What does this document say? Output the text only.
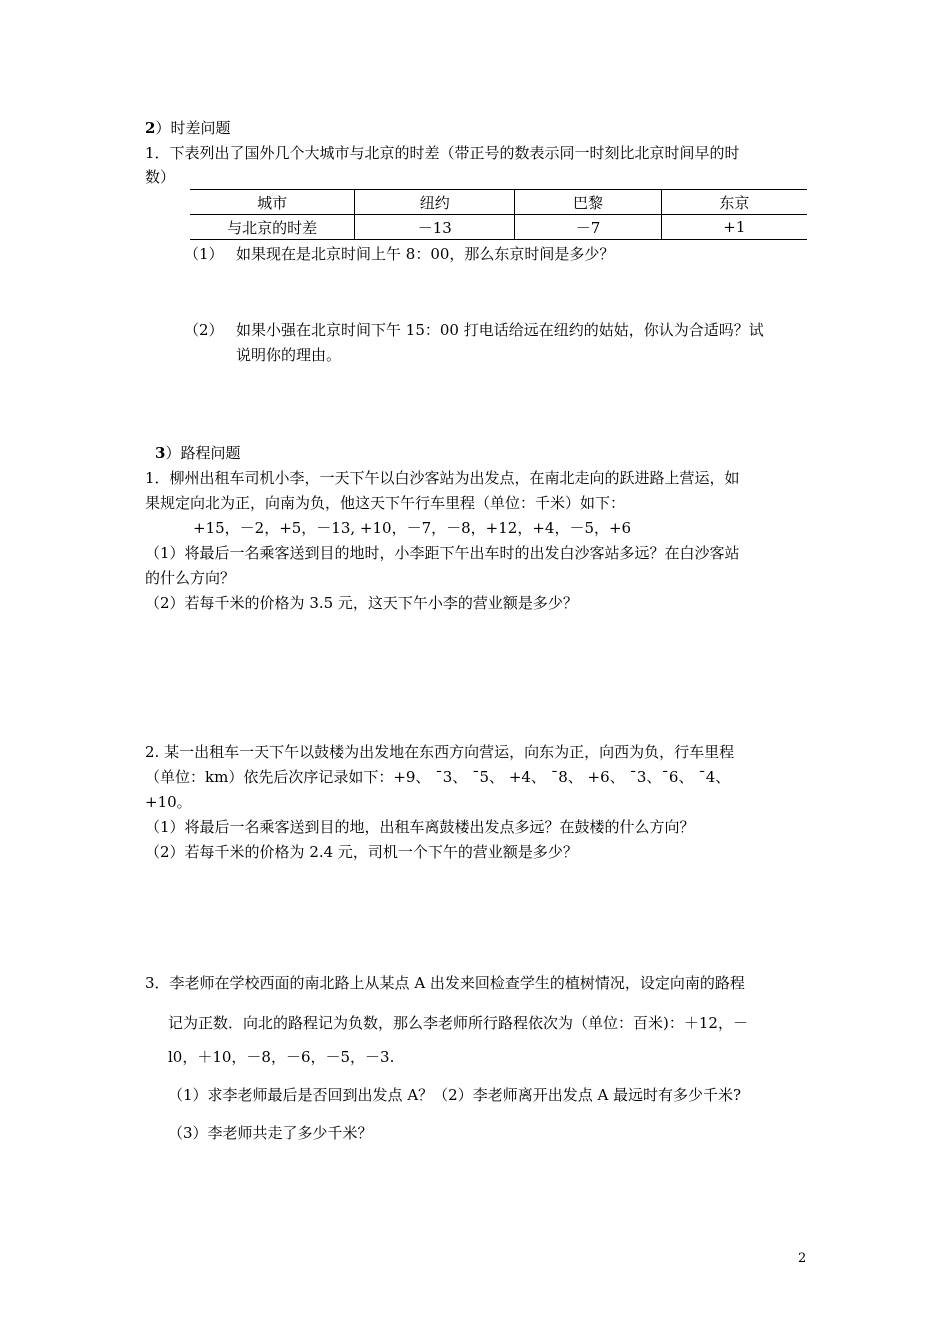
2）时差问题
1．下表列出了国外几个大城市与北京的时差（带正号的数表示同一时刻比北京时间早的时
数）
城市	纽约	巴黎	东京
与北京的时差	－13	－7	+1
（1） 如果现在是北京时间上午 8：00，那么东京时间是多少？
（2） 如果小强在北京时间下午 15：00 打电话给远在纽约的姑姑，你认为合适吗？试
说明你的理由。
3）路程问题
1．柳州出租车司机小李，一天下午以白沙客站为出发点，在南北走向的跃进路上营运，如
果规定向北为正，向南为负，他这天下午行车里程（单位：千米）如下：
+15，－2，+5，－13, +10，－7，－8，+12，+4，－5，+6
（1）将最后一名乘客送到目的地时，小李距下午出车时的出发白沙客站多远？在白沙客站
的什么方向？
（2）若每千米的价格为 3.5 元，这天下午小李的营业额是多少？
2. 某一出租车一天下午以鼓楼为出发地在东西方向营运，向东为正，向西为负，行车里程
（单位：km）依先后次序记录如下：+9、 ¯3、 ¯5、 +4、 ¯8、 +6、 ¯3、¯6、 ¯4、
+10。
（1）将最后一名乘客送到目的地，出租车离鼓楼出发点多远？在鼓楼的什么方向？
（2）若每千米的价格为 2.4 元，司机一个下午的营业额是多少？
3．李老师在学校西面的南北路上从某点 A 出发来回检查学生的植树情况，设定向南的路程
记为正数．向北的路程记为负数，那么李老师所行路程依次为（单位：百米)：＋12，－
l0，＋10，－8，－6，－5，－3.
（1）求李老师最后是否回到出发点 A？（2）李老师离开出发点 A 最远时有多少千米?
（3）李老师共走了多少千米？
2
